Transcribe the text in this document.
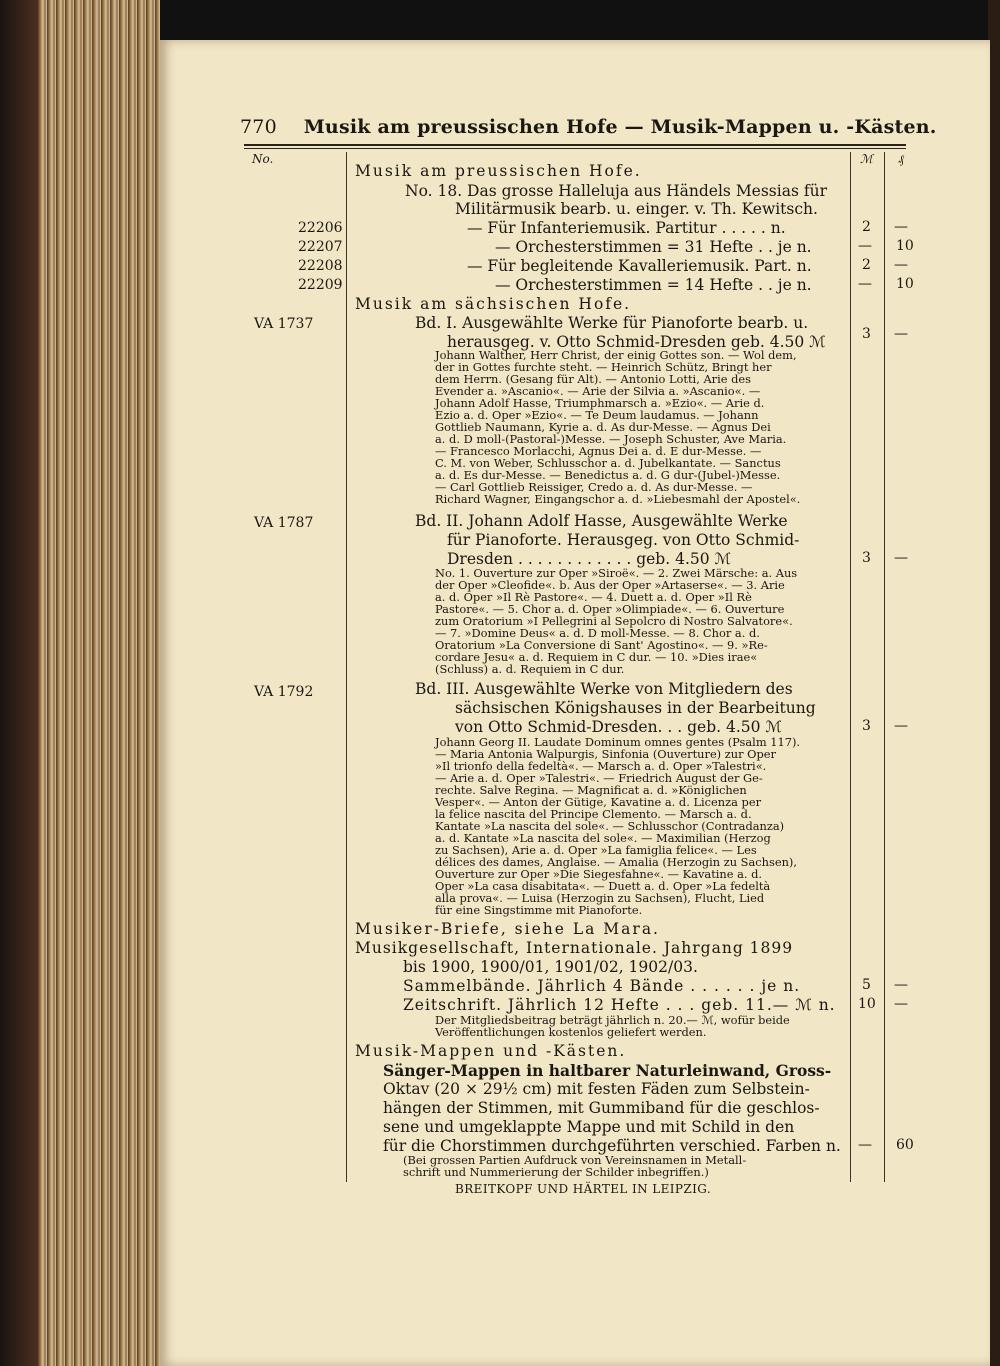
770 Musik am preussischen Hofe — Musik-Mappen u. -Kästen.
No.	ℳ ₰
22206
22207
22208
22209
VA 1737
VA 1787
VA 1792
Musik am preussischen Hofe.
No. 18. Das grosse Halleluja aus Händels Messias für
Militärmusik bearb. u. einger. v. Th. Kewitsch.
— Für Infanteriemusik. Partitur . . . . . n.
— Orchesterstimmen = 31 Hefte . . je n.
— Für begleitende Kavalleriemusik. Part. n.
— Orchesterstimmen = 14 Hefte . . je n.
Musik am sächsischen Hofe.
Bd. I. Ausgewählte Werke für Pianoforte bearb. u.
herausgeg. v. Otto Schmid-Dresden geb. 4.50 ℳ
Johann Walther, Herr Christ, der einig Gottes son. — Wol dem,
der in Gottes furchte steht. — Heinrich Schütz, Bringt her
dem Herrn. (Gesang für Alt). — Antonio Lotti, Arie des
Evender a. »Ascanio«. — Arie der Silvia a. »Ascanio«. —
Johann Adolf Hasse, Triumphmarsch a. »Ezio«. — Arie d.
Ezio a. d. Oper »Ezio«. — Te Deum laudamus. — Johann
Gottlieb Naumann, Kyrie a. d. As dur-Messe. — Agnus Dei
a. d. D moll-(Pastoral-)Messe. — Joseph Schuster, Ave Maria.
— Francesco Morlacchi, Agnus Dei a. d. E dur-Messe. —
C. M. von Weber, Schlusschor a. d. Jubelkantate. — Sanctus
a. d. Es dur-Messe. — Benedictus a. d. G dur-(Jubel-)Messe.
— Carl Gottlieb Reissiger, Credo a. d. As dur-Messe. —
Richard Wagner, Eingangschor a. d. »Liebesmahl der Apostel«.
Bd. II. Johann Adolf Hasse, Ausgewählte Werke
für Pianoforte. Herausgeg. von Otto Schmid-
Dresden . . . . . . . . . . . . geb. 4.50 ℳ
No. 1. Ouverture zur Oper »Siroë«. — 2. Zwei Märsche: a. Aus
der Oper »Cleofide«. b. Aus der Oper »Artaserse«. — 3. Arie
a. d. Oper »Il Rè Pastore«. — 4. Duett a. d. Oper »Il Rè
Pastore«. — 5. Chor a. d. Oper »Olimpiade«. — 6. Ouverture
zum Oratorium »I Pellegrini al Sepolcro di Nostro Salvatore«.
— 7. »Domine Deus« a. d. D moll-Messe. — 8. Chor a. d.
Oratorium »La Conversione di Sant' Agostino«. — 9. »Re-
cordare Jesu« a. d. Requiem in C dur. — 10. »Dies irae«
(Schluss) a. d. Requiem in C dur.
Bd. III. Ausgewählte Werke von Mitgliedern des
sächsischen Königshauses in der Bearbeitung
von Otto Schmid-Dresden. . . geb. 4.50 ℳ
Johann Georg II. Laudate Dominum omnes gentes (Psalm 117).
— Maria Antonia Walpurgis, Sinfonia (Ouverture) zur Oper
»Il trionfo della fedeltà«. — Marsch a. d. Oper »Talestri«.
— Arie a. d. Oper »Talestri«. — Friedrich August der Ge-
rechte. Salve Regina. — Magnificat a. d. »Königlichen
Vesper«. — Anton der Gütige, Kavatine a. d. Licenza per
la felice nascita del Principe Clemento. — Marsch a. d.
Kantate »La nascita del sole«. — Schlusschor (Contradanza)
a. d. Kantate »La nascita del sole«. — Maximilian (Herzog
zu Sachsen), Arie a. d. Oper »La famiglia felice«. — Les
délices des dames, Anglaise. — Amalia (Herzogin zu Sachsen),
Ouverture zur Oper »Die Siegesfahne«. — Kavatine a. d.
Oper »La casa disabitata«. — Duett a. d. Oper »La fedeltà
alla prova«. — Luisa (Herzogin zu Sachsen), Flucht, Lied
für eine Singstimme mit Pianoforte.
Musiker-Briefe, siehe La Mara.
Musikgesellschaft, Internationale. Jahrgang 1899
bis 1900, 1900/01, 1901/02, 1902/03.
Sammelbände. Jährlich 4 Bände . . . . . . je n.
Zeitschrift. Jährlich 12 Hefte . . . geb. 11.— ℳ n.
Der Mitgliedsbeitrag beträgt jährlich n. 20.— ℳ, wofür beide
Veröffentlichungen kostenlos geliefert werden.
Musik-Mappen und -Kästen.
Sänger-Mappen in haltbarer Naturleinwand, Gross-
Oktav (20 × 29½ cm) mit festen Fäden zum Selbstein-
hängen der Stimmen, mit Gummiband für die geschlos-
sene und umgeklappte Mappe und mit Schild in den
für die Chorstimmen durchgeführten verschied. Farben n.
(Bei grossen Partien Aufdruck von Vereinsnamen in Metall-
schrift und Nummerierung der Schilder inbegriffen.)
2 —
— 10
2 —
— 10
3 —
3 —
3 —
5 —
10 —
— 60
BREITKOPF UND HÄRTEL IN LEIPZIG.
